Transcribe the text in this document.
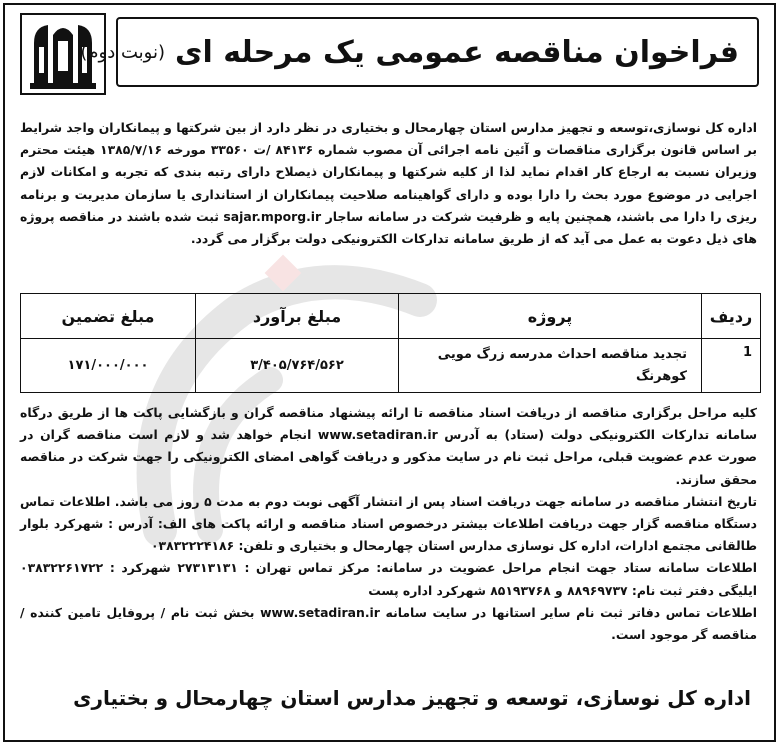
فراخوان مناقصه عمومی یک مرحله ای
(نوبت دوم)

اداره کل نوسازی،توسعه و تجهیز مدارس استان چهارمحال و بختیاری در نظر دارد از بین شرکتها و پیمانکاران واجد شرایط بر اساس قانون برگزاری مناقصات و آئین نامه اجرائی آن مصوب شماره ۸۴۱۳۶ /ت ۳۳۵۶۰ مورخه ۱۳۸۵/۷/۱۶ هیئت محترم وزیران نسبت به ارجاع کار اقدام نماید لذا از کلیه شرکتها و پیمانکاران ذیصلاح دارای رتبه بندی که تجربه و امکانات لازم اجرایی در موضوع مورد بحث را دارا بوده و دارای گواهینامه صلاحیت پیمانکاران از استانداری یا سازمان مدیریت و برنامه ریزی را دارا می باشند، همچنین پایه و ظرفیت شرکت در سامانه ساجار sajar.mporg.ir ثبت شده باشند در مناقصه پروژه های ذیل دعوت به عمل می آید که از طریق سامانه تدارکات الکترونیکی دولت برگزار می گردد.

ردیف	پروژه	مبلغ برآورد	مبلغ تضمین
1	تجدید مناقصه احداث مدرسه زرگ مویی کوهرنگ	۳/۴۰۵/۷۶۴/۵۶۲	۱۷۱/۰۰۰/۰۰۰

کلیه مراحل برگزاری مناقصه از دریافت اسناد مناقصه تا ارائه پیشنهاد مناقصه گران و بازگشایی پاکت ها از طریق درگاه سامانه تدارکات الکترونیکی دولت (ستاد) به آدرس www.setadiran.ir انجام خواهد شد و لازم است مناقصه گران در صورت عدم عضویت قبلی، مراحل ثبت نام در سایت مذکور و دریافت گواهی امضای الکترونیکی را جهت شرکت در مناقصه محقق سازند.

تاریخ انتشار مناقصه در سامانه جهت دریافت اسناد پس از انتشار آگهی نوبت دوم به مدت ۵ روز می باشد. اطلاعات تماس دستگاه مناقصه گزار جهت دریافت اطلاعات بیشتر درخصوص اسناد مناقصه و ارائه پاکت های الف: آدرس : شهرکرد بلوار طالقانی مجتمع ادارات، اداره کل نوسازی مدارس استان چهارمحال و بختیاری و تلفن: ۰۳۸۳۲۲۲۴۱۸۶

اطلاعات سامانه ستاد جهت انجام مراحل عضویت در سامانه: مرکز تماس تهران : ۲۷۳۱۳۱۳۱ شهرکرد : ۰۳۸۳۲۲۶۱۷۲۲ ایلیگی دفتر ثبت نام: ۸۸۹۶۹۷۳۷ و ۸۵۱۹۳۷۶۸ شهرکرد اداره پست

اطلاعات تماس دفاتر ثبت نام سایر استانها در سایت سامانه www.setadiran.ir بخش ثبت نام / پروفایل تامین کننده / مناقصه گر موجود است.

اداره کل نوسازی، توسعه و تجهیز مدارس استان چهارمحال و بختیاری
